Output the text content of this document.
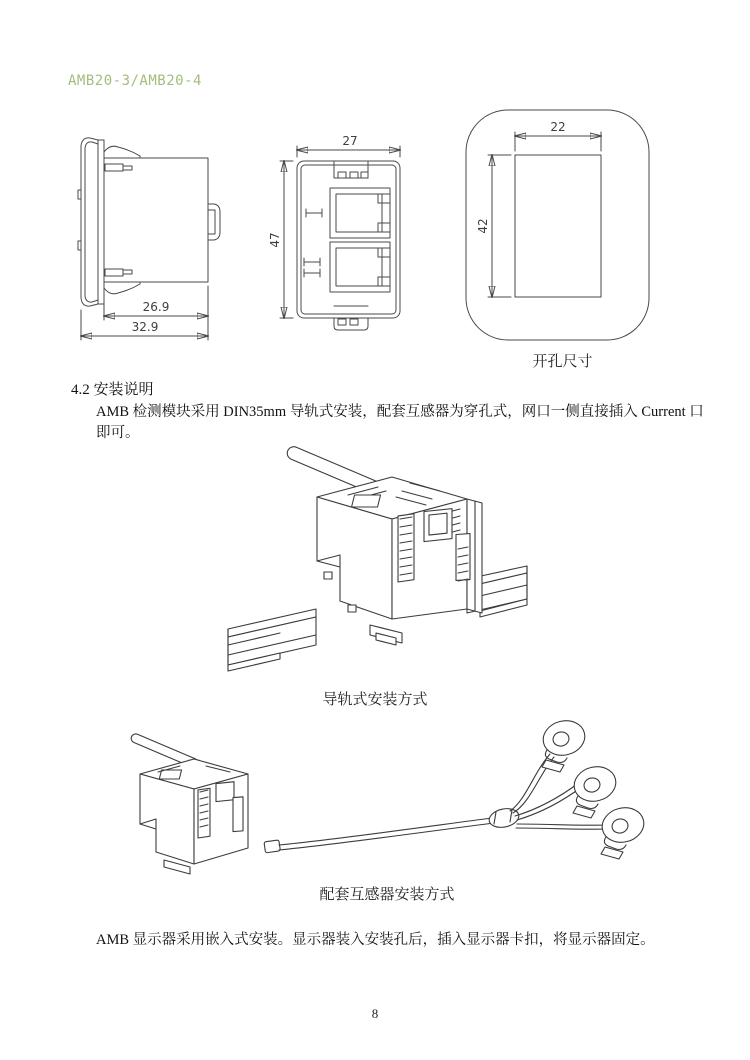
AMB20-3/AMB20-4
26.9
32.9
27
47
22
42
开孔尺寸
4.2 安装说明
AMB 检测模块采用 DIN35mm 导轨式安装，配套互感器为穿孔式，网口一侧直接插入 Current 口即可。
导轨式安装方式
配套互感器安装方式
AMB 显示器采用嵌入式安装。显示器装入安装孔后，插入显示器卡扣，将显示器固定。
8
